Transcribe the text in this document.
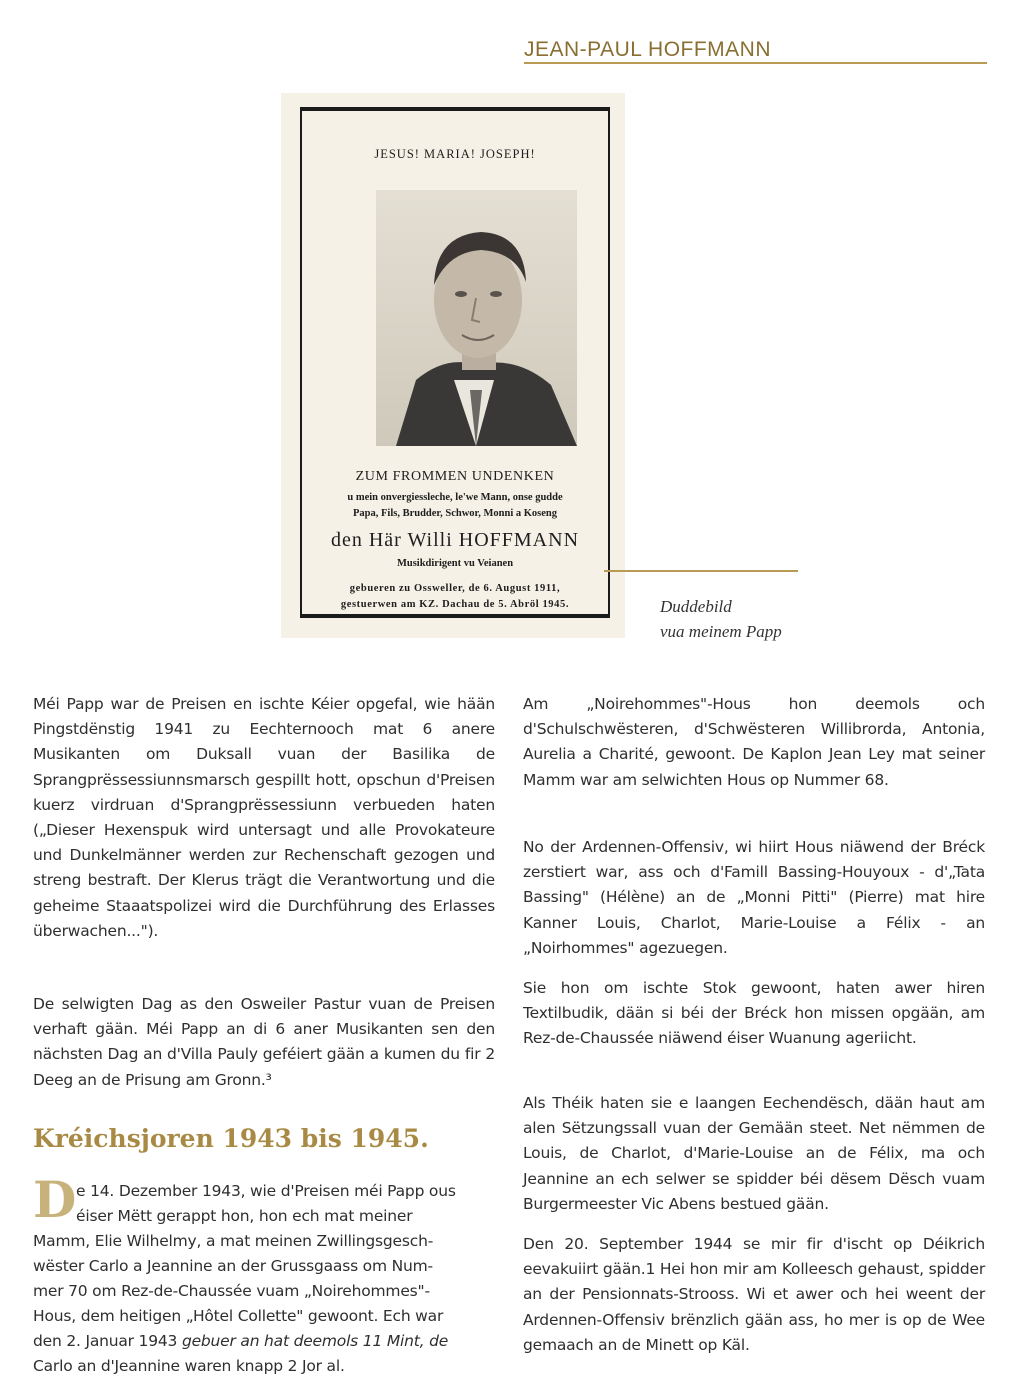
JEAN-PAUL HOFFMANN
JESUS! MARIA! JOSEPH!
ZUM FROMMEN UNDENKEN
u mein onvergiessleche, le'we Mann, onse gudde
Papa, Fils, Brudder, Schwor, Monni a Koseng
den Här Willi HOFFMANN
Musikdirigent vu Veianen
gebueren zu Ossweller, de 6. August 1911,
gestuerwen am KZ. Dachau de 5. Abröl 1945.	Duddebild
vua meinem Papp

Méi Papp war de Preisen en ischte Kéier opgefal, wie hään Pingstdënstig 1941 zu Eechternooch mat 6 anere Musikanten om Duksall vuan der Basilika de Sprangprëssessiunnsmarsch gespillt hott, opschun d'Preisen kuerz virdruan d'Sprangprëssessiunn verbueden haten („Dieser Hexenspuk wird untersagt und alle Provokateure und Dunkelmänner werden zur Rechenschaft gezogen und streng bestraft. Der Klerus trägt die Verantwortung und die geheime Staaatspolizei wird die Durchführung des Erlasses überwachen...").

De selwigten Dag as den Osweiler Pastur vuan de Preisen verhaft gään. Méi Papp an di 6 aner Musikanten sen den nächsten Dag an d'Villa Pauly geféiert gään a kumen du fir 2 Deeg an de Prisung am Gronn.³

Kréichsjoren 1943 bis 1945.
D e 14. Dezember 1943, wie d'Preisen méi Papp ous
éiser Mëtt gerappt hon, hon ech mat meiner
Mamm, Elie Wilhelmy, a mat meinen Zwillingsgesch-
wëster Carlo a Jeannine an der Grussgaass om Num-
mer 70 om Rez-de-Chaussée vuam „Noirehommes"-
Hous, dem heitigen „Hôtel Collette" gewoont. Ech war
den 2. Januar 1943 gebuer an hat deemols 11 Mint, de
Carlo an d'Jeannine waren knapp 2 Jor al.

Am „Noirehommes"-Hous hon deemols och d'Schulschwësteren, d'Schwësteren Willibrorda, Antonia, Aurelia a Charité, gewoont. De Kaplon Jean Ley mat seiner Mamm war am selwichten Hous op Nummer 68.

No der Ardennen-Offensiv, wi hiirt Hous niäwend der Bréck zerstiert war, ass och d'Famill Bassing-Houyoux - d'„Tata Bassing" (Hélène) an de „Monni Pitti" (Pierre) mat hire Kanner Louis, Charlot, Marie-Louise a Félix - an „Noirhommes" agezuegen.

Sie hon om ischte Stok gewoont, haten awer hiren Textilbudik, dään si béi der Bréck hon missen opgään, am Rez-de-Chaussée niäwend éiser Wuanung ageriicht.

Als Théik haten sie e laangen Eechendësch, dään haut am alen Sëtzungssall vuan der Gemään steet. Net nëmmen de Louis, de Charlot, d'Marie-Louise an de Félix, ma och Jeannine an ech selwer se spidder béi dësem Dësch vuam Burgermeester Vic Abens bestued gään.

Den 20. September 1944 se mir fir d'ischt op Déikrich eevakuiirt gään.1 Hei hon mir am Kolleesch gehaust, spidder an der Pensionnats-Strooss. Wi et awer och hei weent der Ardennen-Offensiv brënzlich gään ass, ho mer is op de Wee gemaach an de Minett op Käl.
